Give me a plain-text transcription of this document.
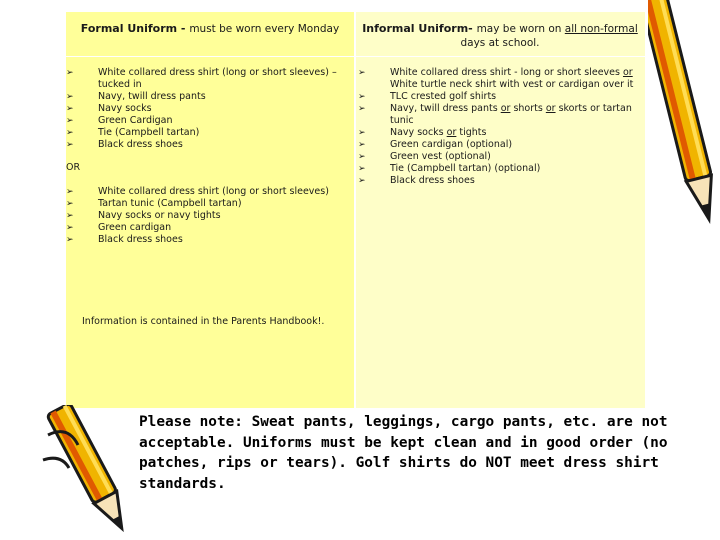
Formal Uniform - must be worn every Monday	Informal Uniform- may be worn on all non-formal days at school.
➢	White collared dress shirt (long or short sleeves) – tucked in
➢	Navy, twill dress pants
➢	Navy socks
➢	Green Cardigan
➢	Tie (Campbell tartan)
➢	Black dress shoes
OR
➢	White collared dress shirt (long or short sleeves)
➢	Tartan tunic (Campbell tartan)
➢	Navy socks or navy tights
➢	Green cardigan
➢	Black dress shoes
Information is contained in the Parents Handbook!.
➢	White collared dress shirt - long or short sleeves or White turtle neck shirt with vest or cardigan over it
➢	TLC crested golf shirts
➢	Navy, twill dress pants or shorts or skorts or tartan tunic
➢	Navy socks or tights
➢	Green cardigan (optional)
➢	Green vest (optional)
➢	Tie (Campbell tartan) (optional)
➢	Black dress shoes
Please note: Sweat pants, leggings, cargo pants, etc. are not acceptable. Uniforms must be kept clean and in good order (no patches, rips or tears). Golf shirts do NOT meet dress shirt standards.
